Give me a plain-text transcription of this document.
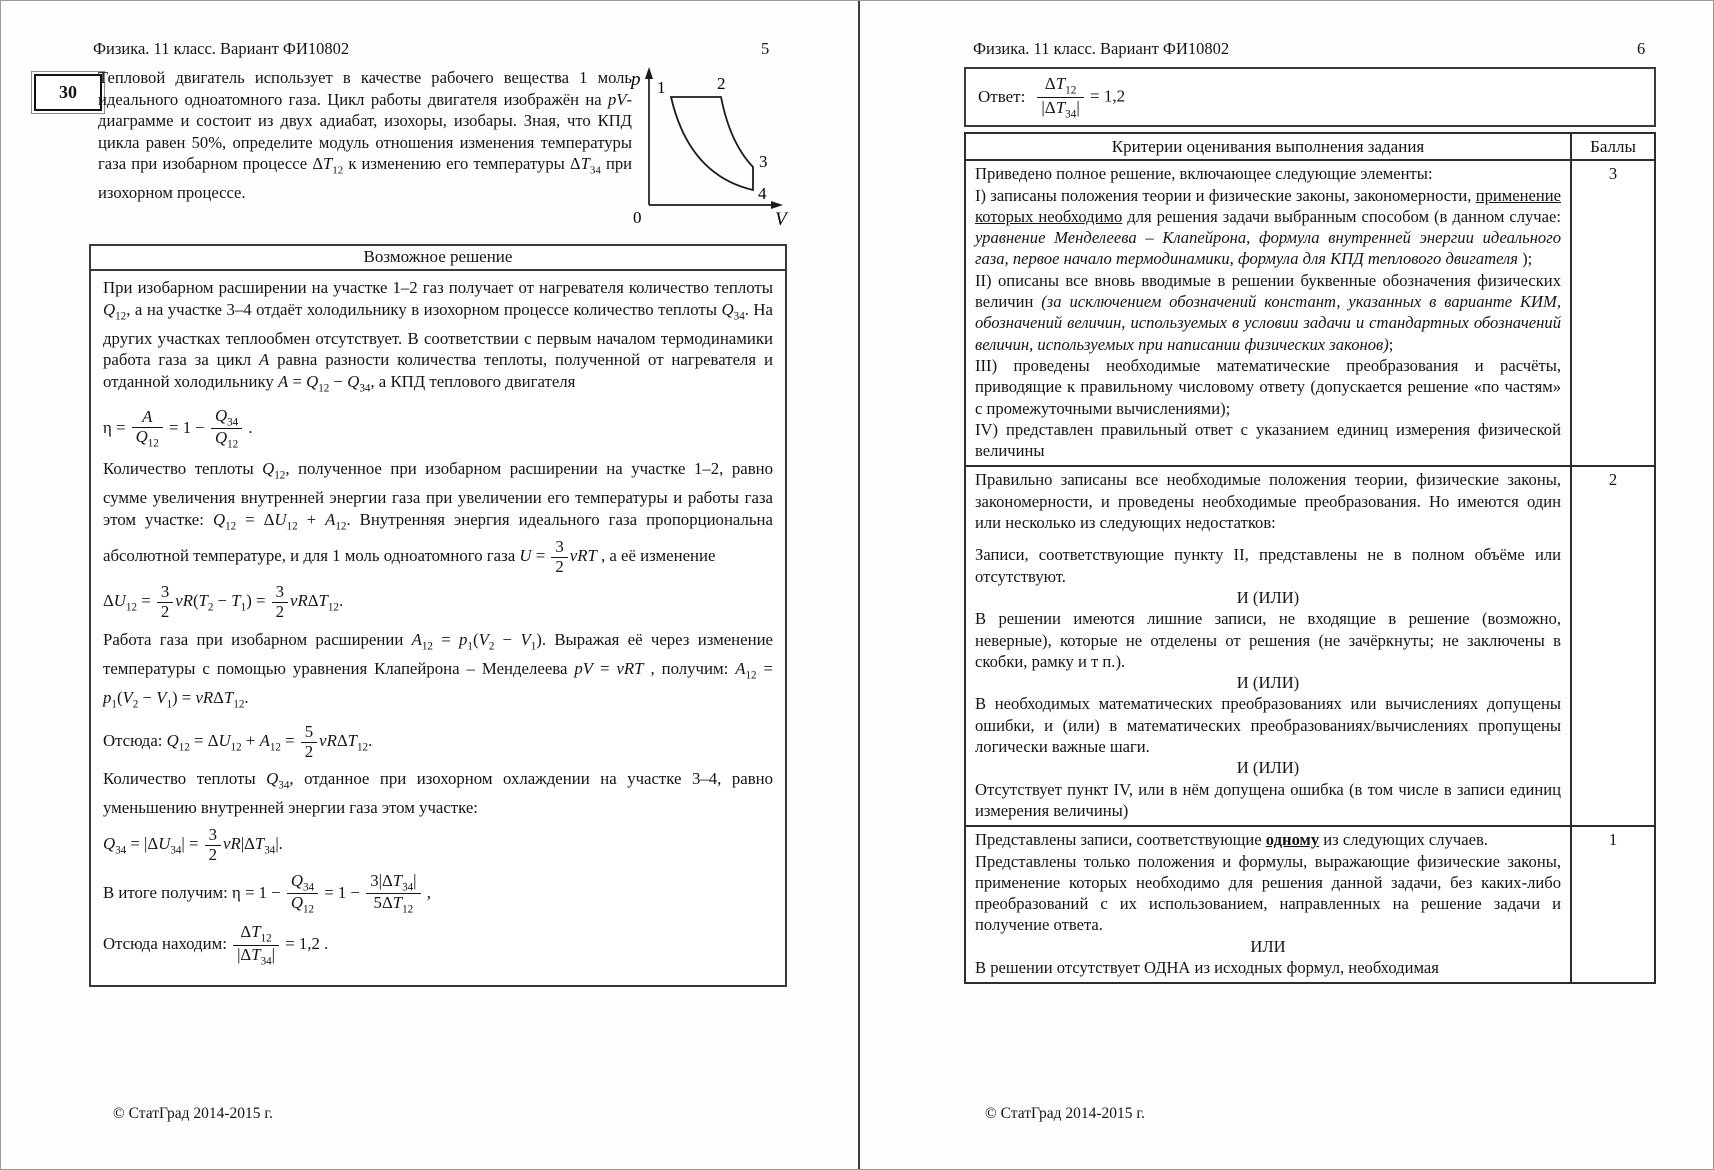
Физика. 11 класс. Вариант ФИ10802	5
30
Тепловой двигатель использует в качестве рабочего вещества 1 моль идеального одноатомного газа. Цикл работы двигателя изображён на pV-диаграмме и состоит из двух адиабат, изохоры, изобары. Зная, что КПД цикла равен 50%, определите модуль отношения изменения температуры газа при изобарном процессе $\Delta T_{12}$ к изменению его температуры $\Delta T_{34}$ при изохорном процессе.
p
V
0
1	2
3
4
Возможное решение
При изобарном расширении на участке 1–2 газ получает от нагревателя количество теплоты $Q_{12}$, а на участке 3–4 отдаёт холодильнику в изохорном процессе количество теплоты $Q_{34}$. На других участках теплообмен отсутствует. В соответствии с первым началом термодинамики работа газа за цикл A равна разности количества теплоты, полученной от нагревателя и отданной холодильнику $A = Q_{12} - Q_{34}$, а КПД теплового двигателя
$\eta = \frac{A}{Q_{12}} = 1 - \frac{Q_{34}}{Q_{12}}$ .
Количество теплоты $Q_{12}$, полученное при изобарном расширении на участке 1–2, равно сумме увеличения внутренней энергии газа при увеличении его температуры и работы газа этом участке: $Q_{12} = \Delta U_{12} + A_{12}$. Внутренняя энергия идеального газа пропорциональна абсолютной температуре, и для 1 моль одноатомного газа $U = \frac{3}{2}$ νRT , а её изменение
$\Delta U_{12} = \frac{3}{2} \nu R(T_2 - T_1) = \frac{3}{2} \nu R\Delta T_{12}$.
Работа газа при изобарном расширении $A_{12} = p_1(V_2 - V_1)$. Выражая её через изменение температуры с помощью уравнения Клапейрона – Менделеева pV = νRT , получим: $A_{12} = p_1(V_2 - V_1) = \nu R\Delta T_{12}$.
Отсюда: $Q_{12} = \Delta U_{12} + A_{12} = \frac{5}{2} \nu R\Delta T_{12}$.
Количество теплоты $Q_{34}$, отданное при изохорном охлаждении на участке 3–4, равно уменьшению внутренней энергии газа этом участке:
$Q_{34} = |\Delta U_{34}| = \frac{3}{2} \nu R|\Delta T_{34}|$.
В итоге получим: $\eta = 1 - \frac{Q_{34}}{Q_{12}} = 1 - \frac{3|\Delta T_{34}|}{5\Delta T_{12}}$ ,
Отсюда находим: $\frac{\Delta T_{12}}{|\Delta T_{34}|} = 1,2$ .
© СтатГрад 2014-2015 г.
Физика. 11 класс. Вариант ФИ10802	6
Ответ: $\frac{\Delta T_{12}}{|\Delta T_{34}|} = 1,2$
Критерии оценивания выполнения задания	Баллы

Приведено полное решение, включающее следующие элементы:
I) записаны положения теории и физические законы, закономерности, применение которых необходимо для решения задачи выбранным способом (в данном случае: уравнение Менделеева – Клапейрона, формула внутренней энергии идеального газа, первое начало термодинамики, формула для КПД теплового двигателя );
II) описаны все вновь вводимые в решении буквенные обозначения физических величин (за исключением обозначений констант, указанных в варианте КИМ, обозначений величин, используемых в условии задачи и стандартных обозначений величин, используемых при написании физических законов);
III) проведены необходимые математические преобразования и расчёты, приводящие к правильному числовому ответу (допускается решение «по частям» с промежуточными вычислениями);
IV) представлен правильный ответ с указанием единиц измерения физической величины	3

Правильно записаны все необходимые положения теории, физические законы, закономерности, и проведены необходимые преобразования. Но имеются один или несколько из следующих недостатков:
Записи, соответствующие пункту II, представлены не в полном объёме или отсутствуют.
И (ИЛИ)
В решении имеются лишние записи, не входящие в решение (возможно, неверные), которые не отделены от решения (не зачёркнуты; не заключены в скобки, рамку и т п.).
И (ИЛИ)
В необходимых математических преобразованиях или вычислениях допущены ошибки, и (или) в математических преобразованиях/вычислениях пропущены логически важные шаги.
И (ИЛИ)
Отсутствует пункт IV, или в нём допущена ошибка (в том числе в записи единиц измерения величины)
	2

Представлены записи, соответствующие одному из следующих случаев.
Представлены только положения и формулы, выражающие физические законы, применение которых необходимо для решения данной задачи, без каких-либо преобразований с их использованием, направленных на решение задачи и получение ответа.
ИЛИ
В решении отсутствует ОДНА из исходных формул, необходимая	1
© СтатГрад 2014-2015 г.
